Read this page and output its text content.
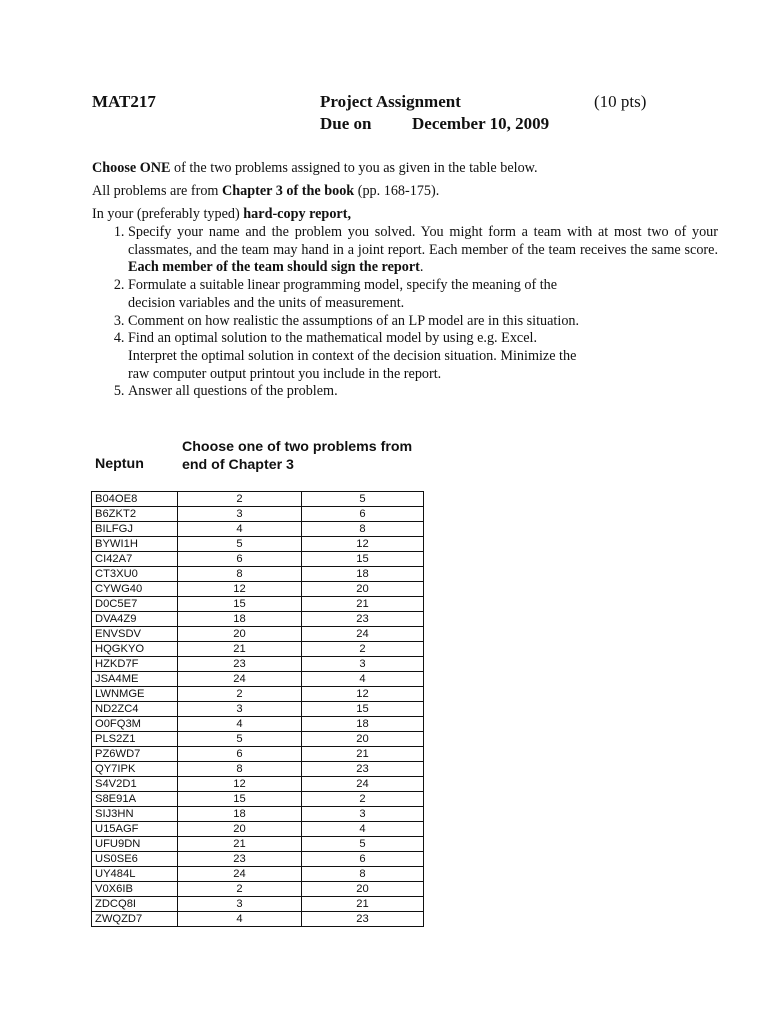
MAT217	Project Assignment	(10 pts)
Due on December 10, 2009
Choose ONE of the two problems assigned to you as given in the table below.
All problems are from Chapter 3 of the book (pp. 168-175).
In your (preferably typed) hard-copy report,
1. Specify your name and the problem you solved. You might form a team with at most two of your classmates, and the team may hand in a joint report. Each member of the team receives the same score. Each member of the team should sign the report.
2. Formulate a suitable linear programming model, specify the meaning of the
decision variables and the units of measurement.
3. Comment on how realistic the assumptions of an LP model are in this situation.
4. Find an optimal solution to the mathematical model by using e.g. Excel.
Interpret the optimal solution in context of the decision situation. Minimize the
raw computer output printout you include in the report.
5. Answer all questions of the problem.
Neptun
Choose one of two problems from
end of Chapter 3
B04OE8	2	5
B6ZKT2	3	6
BILFGJ	4	8
BYWI1H	5	12
CI42A7	6	15
CT3XU0	8	18
CYWG40	12	20
D0C5E7	15	21
DVA4Z9	18	23
ENVSDV	20	24
HQGKYO	21	2
HZKD7F	23	3
JSA4ME	24	4
LWNMGE	2	12
ND2ZC4	3	15
O0FQ3M	4	18
PLS2Z1	5	20
PZ6WD7	6	21
QY7IPK	8	23
S4V2D1	12	24
S8E91A	15	2
SIJ3HN	18	3
U15AGF	20	4
UFU9DN	21	5
US0SE6	23	6
UY484L	24	8
V0X6IB	2	20
ZDCQ8I	3	21
ZWQZD7	4	23
